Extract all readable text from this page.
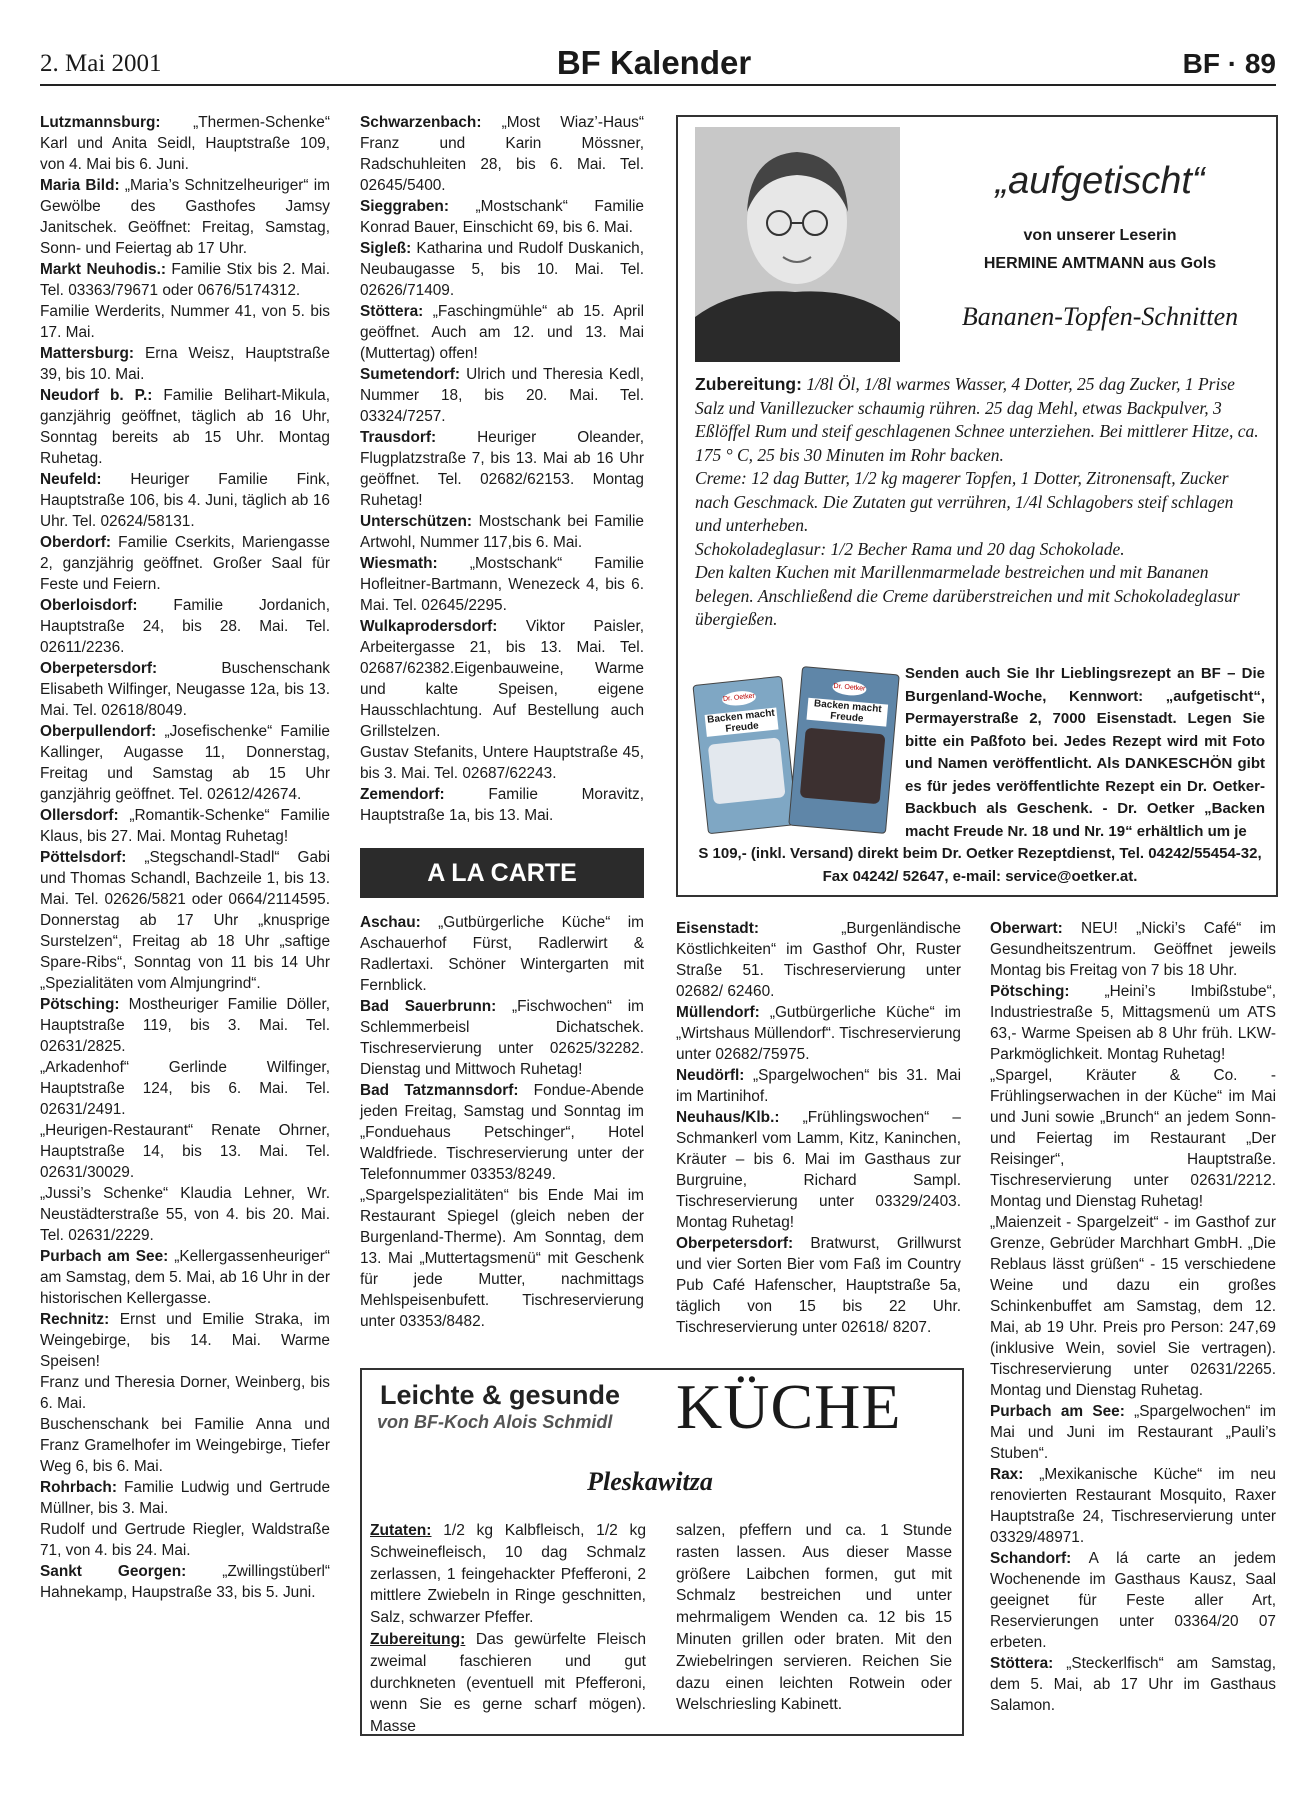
2. Mai 2001	BF Kalender	BF · 89

Lutzmannsburg: „Thermen-Schenke“ Karl und Anita Seidl, Hauptstraße 109, von 4. Mai bis 6. Juni.

Maria Bild: „Maria’s Schnitzelheuriger“ im Gewölbe des Gasthofes Jamsy Janitschek. Geöffnet: Freitag, Samstag, Sonn- und Feiertag ab 17 Uhr.

Markt Neuhodis.: Familie Stix bis 2. Mai. Tel. 03363/79671 oder 0676/5174312.

Familie Werderits, Nummer 41, von 5. bis 17. Mai.

Mattersburg: Erna Weisz, Hauptstraße 39, bis 10. Mai.

Neudorf b. P.: Familie Belihart-Mikula, ganzjährig geöffnet, täglich ab 16 Uhr, Sonntag bereits ab 15 Uhr. Montag Ruhetag.

Neufeld: Heuriger Familie Fink, Hauptstraße 106, bis 4. Juni, täglich ab 16 Uhr. Tel. 02624/58131.

Oberdorf: Familie Cserkits, Mariengasse 2, ganzjährig geöffnet. Großer Saal für Feste und Feiern.

Oberloisdorf: Familie Jordanich, Hauptstraße 24, bis 28. Mai. Tel. 02611/2236.

Oberpetersdorf: Buschenschank Elisabeth Wilfinger, Neugasse 12a, bis 13. Mai. Tel. 02618/8049.

Oberpullendorf: „Josefischenke“ Familie Kallinger, Augasse 11, Donnerstag, Freitag und Samstag ab 15 Uhr ganzjährig geöffnet. Tel. 02612/42674.

Ollersdorf: „Romantik-Schenke“ Familie Klaus, bis 27. Mai. Montag Ruhetag!

Pöttelsdorf: „Stegschandl-Stadl“ Gabi und Thomas Schandl, Bachzeile 1, bis 13. Mai. Tel. 02626/5821 oder 0664/2114595. Donnerstag ab 17 Uhr „knusprige Surstelzen“, Freitag ab 18 Uhr „saftige Spare-Ribs“, Sonntag von 11 bis 14 Uhr „Spezialitäten vom Almjungrind“.

Pötsching: Mostheuriger Familie Döller, Hauptstraße 119, bis 3. Mai. Tel. 02631/2825.

„Arkadenhof“ Gerlinde Wilfinger, Hauptstraße 124, bis 6. Mai. Tel. 02631/2491.

„Heurigen-Restaurant“ Renate Ohrner, Hauptstraße 14, bis 13. Mai. Tel. 02631/30029.

„Jussi’s Schenke“ Klaudia Lehner, Wr. Neustädterstraße 55, von 4. bis 20. Mai. Tel. 02631/2229.

Purbach am See: „Kellergassenheuriger“ am Samstag, dem 5. Mai, ab 16 Uhr in der historischen Kellergasse.

Rechnitz: Ernst und Emilie Straka, im Weingebirge, bis 14. Mai. Warme Speisen!

Franz und Theresia Dorner, Weinberg, bis 6. Mai.

Buschenschank bei Familie Anna und Franz Gramelhofer im Weingebirge, Tiefer Weg 6, bis 6. Mai.

Rohrbach: Familie Ludwig und Gertrude Müllner, bis 3. Mai.

Rudolf und Gertrude Riegler, Waldstraße 71, von 4. bis 24. Mai.

Sankt Georgen: „Zwillingstüberl“ Hahnekamp, Haupstraße 33, bis 5. Juni.

Schwarzenbach: „Most Wiaz’-Haus“ Franz und Karin Mössner, Radschuhleiten 28, bis 6. Mai. Tel. 02645/5400.

Sieggraben: „Mostschank“ Familie Konrad Bauer, Einschicht 69, bis 6. Mai.

Sigleß: Katharina und Rudolf Duskanich, Neubaugasse 5, bis 10. Mai. Tel. 02626/71409.

Stöttera: „Faschingmühle“ ab 15. April geöffnet. Auch am 12. und 13. Mai (Muttertag) offen!

Sumetendorf: Ulrich und Theresia Kedl, Nummer 18, bis 20. Mai. Tel. 03324/7257.

Trausdorf: Heuriger Oleander, Flugplatzstraße 7, bis 13. Mai ab 16 Uhr geöffnet. Tel. 02682/62153. Montag Ruhetag!

Unterschützen: Mostschank bei Familie Artwohl, Nummer 117,bis 6. Mai.

Wiesmath: „Mostschank“ Familie Hofleitner-Bartmann, Wenezeck 4, bis 6. Mai. Tel. 02645/2295.

Wulkaprodersdorf: Viktor Paisler, Arbeitergasse 21, bis 13. Mai. Tel. 02687/62382.Eigenbauweine, Warme und kalte Speisen, eigene Hausschlachtung. Auf Bestellung auch Grillstelzen.

Gustav Stefanits, Untere Hauptstraße 45, bis 3. Mai. Tel. 02687/62243.

Zemendorf: Familie Moravitz, Hauptstraße 1a, bis 13. Mai.

A LA CARTE

Aschau: „Gutbürgerliche Küche“ im Aschauerhof Fürst, Radlerwirt & Radlertaxi. Schöner Wintergarten mit Fernblick.

Bad Sauerbrunn: „Fischwochen“ im Schlemmerbeisl Dichatschek. Tischreservierung unter 02625/32282. Dienstag und Mittwoch Ruhetag!

Bad Tatzmannsdorf: Fondue-Abende jeden Freitag, Samstag und Sonntag im „Fonduehaus Petschinger“, Hotel Waldfriede. Tischreservierung unter der Telefonnummer 03353/8249.

„Spargelspezialitäten“ bis Ende Mai im Restaurant Spiegel (gleich neben der Burgenland-Therme). Am Sonntag, dem 13. Mai „Muttertagsmenü“ mit Geschenk für jede Mutter, nachmittags Mehlspeisenbufett. Tischreservierung unter 03353/8482.

Eisenstadt: „Burgenländische Köstlichkeiten“ im Gasthof Ohr, Ruster Straße 51. Tischreservierung unter 02682/ 62460.

Müllendorf: „Gutbürgerliche Küche“ im „Wirtshaus Müllendorf“. Tischreservierung unter 02682/75975.

Neudörfl: „Spargelwochen“ bis 31. Mai im Martinihof.

Neuhaus/Klb.: „Frühlingswochen“ – Schmankerl vom Lamm, Kitz, Kaninchen, Kräuter – bis 6. Mai im Gasthaus zur Burgruine, Richard Sampl. Tischreservierung unter 03329/2403. Montag Ruhetag!

Oberpetersdorf: Bratwurst, Grillwurst und vier Sorten Bier vom Faß im Country Pub Café Hafenscher, Hauptstraße 5a, täglich von 15 bis 22 Uhr. Tischreservierung unter 02618/ 8207.

Oberwart: NEU! „Nicki’s Café“ im Gesundheitszentrum. Geöffnet jeweils Montag bis Freitag von 7 bis 18 Uhr.

Pötsching: „Heini’s Imbißstube“, Industriestraße 5, Mittagsmenü um ATS 63,- Warme Speisen ab 8 Uhr früh. LKW-Parkmöglichkeit. Montag Ruhetag!

„Spargel, Kräuter & Co. - Frühlingserwachen in der Küche“ im Mai und Juni sowie „Brunch“ an jedem Sonn- und Feiertag im Restaurant „Der Reisinger“, Hauptstraße. Tischreservierung unter 02631/2212. Montag und Dienstag Ruhetag!

„Maienzeit - Spargelzeit“ - im Gasthof zur Grenze, Gebrüder Marchhart GmbH. „Die Reblaus lässt grüßen“ - 15 verschiedene Weine und dazu ein großes Schinkenbuffet am Samstag, dem 12. Mai, ab 19 Uhr. Preis pro Person: 247,69 (inklusive Wein, soviel Sie vertragen). Tischreservierung unter 02631/2265. Montag und Dienstag Ruhetag.

Purbach am See: „Spargelwochen“ im Mai und Juni im Restaurant „Pauli’s Stuben“.

Rax: „Mexikanische Küche“ im neu renovierten Restaurant Mosquito, Raxer Hauptstraße 24, Tischreservierung unter 03329/48971.

Schandorf: A lá carte an jedem Wochenende im Gasthaus Kausz, Saal geeignet für Feste aller Art, Reservierungen unter 03364/20 07 erbeten.

Stöttera: „Steckerlfisch“ am Samstag, dem 5. Mai, ab 17 Uhr im Gasthaus Salamon.

„aufgetischt“
von unserer Leserin
HERMINE AMTMANN aus Gols
Bananen-Topfen-Schnitten

Zubereitung: 1/8l Öl, 1/8l warmes Wasser, 4 Dotter, 25 dag Zucker, 1 Prise Salz und Vanillezucker schaumig rühren. 25 dag Mehl, etwas Backpulver, 3 Eßlöffel Rum und steif geschlagenen Schnee unterziehen. Bei mittlerer Hitze, ca. 175 ° C, 25 bis 30 Minuten im Rohr backen.

Creme: 12 dag Butter, 1/2 kg magerer Topfen, 1 Dotter, Zitronensaft, Zucker nach Geschmack. Die Zutaten gut verrühren, 1/4l Schlagobers steif schlagen und unterheben.

Schokoladeglasur: 1/2 Becher Rama und 20 dag Schokolade.

Den kalten Kuchen mit Marillenmarmelade bestreichen und mit Bananen belegen. Anschließend die Creme darüberstreichen und mit Schokoladeglasur übergießen.

Dr. Oetker
Backen macht Freude
Dr. Oetker
Backen macht Freude
Senden auch Sie Ihr Lieblingsrezept an BF – Die Burgenland-Woche, Kennwort: „aufgetischt“, Permayerstraße 2, 7000 Eisenstadt. Legen Sie bitte ein Paßfoto bei. Jedes Rezept wird mit Foto und Namen veröffentlicht. Als DANKESCHÖN gibt es für jedes veröffentlichte Rezept ein Dr. Oetker-Backbuch als Geschenk. - Dr. Oetker „Backen macht Freude Nr. 18 und Nr. 19“ erhältlich um je
S 109,- (inkl. Versand) direkt beim Dr. Oetker Rezeptdienst, Tel. 04242/55454-32, Fax 04242/ 52647, e-mail: service@oetker.at.
Leichte & gesunde
von BF-Koch Alois Schmidl KÜCHE
Pleskawitza

Zutaten: 1/2 kg Kalbfleisch, 1/2 kg Schweinefleisch, 10 dag Schmalz zerlassen, 1 feingehackter Pfefferoni, 2 mittlere Zwiebeln in Ringe geschnitten, Salz, schwarzer Pfeffer.

Zubereitung: Das gewürfelte Fleisch zweimal faschieren und gut durchkneten (eventuell mit Pfefferoni, wenn Sie es gerne scharf mögen). Masse

salzen, pfeffern und ca. 1 Stunde rasten lassen. Aus dieser Masse größere Laibchen formen, gut mit Schmalz bestreichen und unter mehrmaligem Wenden ca. 12 bis 15 Minuten grillen oder braten. Mit den Zwiebelringen servieren. Reichen Sie dazu einen leichten Rotwein oder Welschriesling Kabinett.
